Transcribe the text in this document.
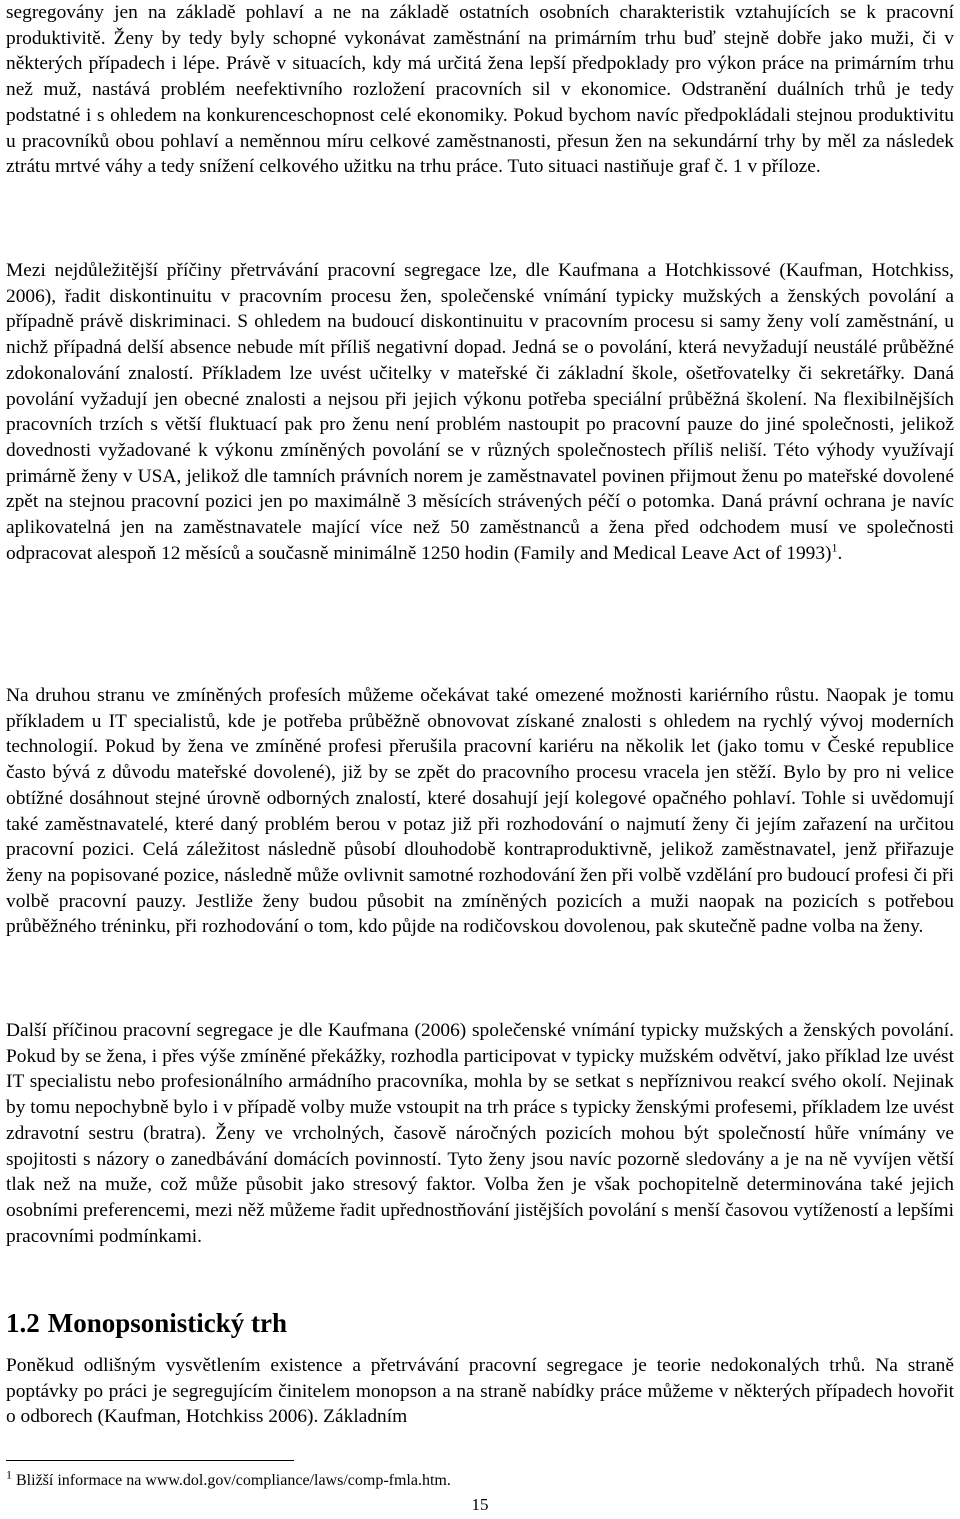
segregovány jen na základě pohlaví a ne na základě ostatních osobních charakteristik vztahujících se k pracovní produktivitě. Ženy by tedy byly schopné vykonávat zaměstnání na primárním trhu buď stejně dobře jako muži, či v některých případech i lépe. Právě v situacích, kdy má určitá žena lepší předpoklady pro výkon práce na primárním trhu než muž, nastává problém neefektivního rozložení pracovních sil v ekonomice. Odstranění duálních trhů je tedy podstatné i s ohledem na konkurenceschopnost celé ekonomiky. Pokud bychom navíc předpokládali stejnou produktivitu u pracovníků obou pohlaví a neměnnou míru celkové zaměstnanosti, přesun žen na sekundární trhy by měl za následek ztrátu mrtvé váhy a tedy snížení celkového užitku na trhu práce. Tuto situaci nastiňuje graf č. 1 v příloze.

Mezi nejdůležitější příčiny přetrvávání pracovní segregace lze, dle Kaufmana a Hotchkissové (Kaufman, Hotchkiss, 2006), řadit diskontinuitu v pracovním procesu žen, společenské vnímání typicky mužských a ženských povolání a případně právě diskriminaci. S ohledem na budoucí diskontinuitu v pracovním procesu si samy ženy volí zaměstnání, u nichž případná delší absence nebude mít příliš negativní dopad. Jedná se o povolání, která nevyžadují neustálé průběžné zdokonalování znalostí. Příkladem lze uvést učitelky v mateřské či základní škole, ošetřovatelky či sekretářky. Daná povolání vyžadují jen obecné znalosti a nejsou při jejich výkonu potřeba speciální průběžná školení. Na flexibilnějších pracovních trzích s větší fluktuací pak pro ženu není problém nastoupit po pracovní pauze do jiné společnosti, jelikož dovednosti vyžadované k výkonu zmíněných povolání se v různých společnostech příliš neliší. Této výhody využívají primárně ženy v USA, jelikož dle tamních právních norem je zaměstnavatel povinen přijmout ženu po mateřské dovolené zpět na stejnou pracovní pozici jen po maximálně 3 měsících strávených péčí o potomka. Daná právní ochrana je navíc aplikovatelná jen na zaměstnavatele mající více než 50 zaměstnanců a žena před odchodem musí ve společnosti odpracovat alespoň 12 měsíců a současně minimálně 1250 hodin (Family and Medical Leave Act of 1993)$^1$.

Na druhou stranu ve zmíněných profesích můžeme očekávat také omezené možnosti kariérního růstu. Naopak je tomu příkladem u IT specialistů, kde je potřeba průběžně obnovovat získané znalosti s ohledem na rychlý vývoj moderních technologií. Pokud by žena ve zmíněné profesi přerušila pracovní kariéru na několik let (jako tomu v České republice často bývá z důvodu mateřské dovolené), již by se zpět do pracovního procesu vracela jen stěží. Bylo by pro ni velice obtížné dosáhnout stejné úrovně odborných znalostí, které dosahují její kolegové opačného pohlaví. Tohle si uvědomují také zaměstnavatelé, které daný problém berou v potaz již při rozhodování o najmutí ženy či jejím zařazení na určitou pracovní pozici. Celá záležitost následně působí dlouhodobě kontraproduktivně, jelikož zaměstnavatel, jenž přiřazuje ženy na popisované pozice, následně může ovlivnit samotné rozhodování žen při volbě vzdělání pro budoucí profesi či při volbě pracovní pauzy. Jestliže ženy budou působit na zmíněných pozicích a muži naopak na pozicích s potřebou průběžného tréninku, při rozhodování o tom, kdo půjde na rodičovskou dovolenou, pak skutečně padne volba na ženy.

Další příčinou pracovní segregace je dle Kaufmana (2006) společenské vnímání typicky mužských a ženských povolání. Pokud by se žena, i přes výše zmíněné překážky, rozhodla participovat v typicky mužském odvětví, jako příklad lze uvést IT specialistu nebo profesionálního armádního pracovníka, mohla by se setkat s nepříznivou reakcí svého okolí. Nejinak by tomu nepochybně bylo i v případě volby muže vstoupit na trh práce s typicky ženskými profesemi, příkladem lze uvést zdravotní sestru (bratra). Ženy ve vrcholných, časově náročných pozicích mohou být společností hůře vnímány ve spojitosti s názory o zanedbávání domácích povinností. Tyto ženy jsou navíc pozorně sledovány a je na ně vyvíjen větší tlak než na muže, což může působit jako stresový faktor. Volba žen je však pochopitelně determinována také jejich osobními preferencemi, mezi něž můžeme řadit upřednostňování jistějších povolání s menší časovou vytížeností a lepšími pracovními podmínkami.

1.2 Monopsonistický trh

Poněkud odlišným vysvětlením existence a přetrvávání pracovní segregace je teorie nedokonalých trhů. Na straně poptávky po práci je segregujícím činitelem monopson a na straně nabídky práce můžeme v některých případech hovořit o odborech (Kaufman, Hotchkiss 2006). Základním

$^1$ Bližší informace na www.dol.gov/compliance/laws/comp-fmla.htm.

15
